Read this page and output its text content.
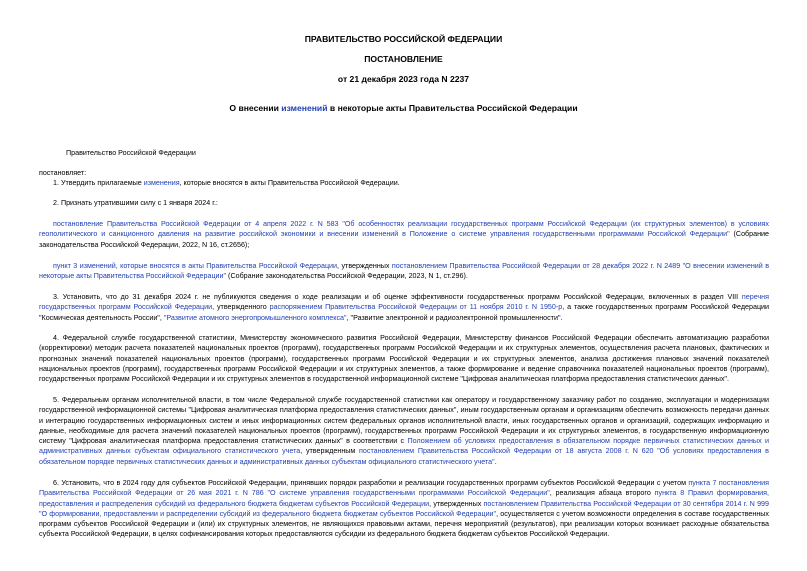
ПРАВИТЕЛЬСТВО РОССИЙСКОЙ ФЕДЕРАЦИИ
ПОСТАНОВЛЕНИЕ
от 21 декабря 2023 года N 2237
О внесении изменений в некоторые акты Правительства Российской Федерации
Правительство Российской Федерации
постановляет:
1. Утвердить прилагаемые изменения, которые вносятся в акты Правительства Российской Федерации.
2. Признать утратившими силу с 1 января 2024 г.:
постановление Правительства Российской Федерации от 4 апреля 2022 г. N 583 "Об особенностях реализации государственных программ Российской Федерации (их структурных элементов) в условиях геополитического и санкционного давления на развитие российской экономики и внесении изменений в Положение о системе управления государственными программами Российской Федерации" (Собрание законодательства Российской Федерации, 2022, N 16, ст.2656);
пункт 3 изменений, которые вносятся в акты Правительства Российской Федерации, утвержденных постановлением Правительства Российской Федерации от 28 декабря 2022 г. N 2489 "О внесении изменений в некоторые акты Правительства Российской Федерации" (Собрание законодательства Российской Федерации, 2023, N 1, ст.296).
3. Установить, что до 31 декабря 2024 г. не публикуются сведения о ходе реализации и об оценке эффективности государственных программ Российской Федерации, включенных в раздел VIII перечня государственных программ Российской Федерации, утвержденного распоряжением Правительства Российской Федерации от 11 ноября 2010 г. N 1950-р, а также государственных программ Российской Федерации "Космическая деятельность России", "Развитие атомного энергопромышленного комплекса", "Развитие электронной и радиоэлектронной промышленности".
4. Федеральной службе государственной статистики, Министерству экономического развития Российской Федерации, Министерству финансов Российской Федерации обеспечить автоматизацию разработки (корректировки) методик расчета показателей национальных проектов (программ), государственных программ Российской Федерации и их структурных элементов, осуществления расчета плановых, фактических и прогнозных значений показателей национальных проектов (программ), государственных программ Российской Федерации и их структурных элементов, анализа достижения плановых значений показателей национальных проектов (программ), государственных программ Российской Федерации и их структурных элементов, а также формирование и ведение справочника показателей национальных проектов (программ), государственных программ Российской Федерации и их структурных элементов в государственной информационной системе "Цифровая аналитическая платформа предоставления статистических данных".
5. Федеральным органам исполнительной власти, в том числе Федеральной службе государственной статистики как оператору и государственному заказчику работ по созданию, эксплуатации и модернизации государственной информационной системы "Цифровая аналитическая платформа предоставления статистических данных", иным государственным органам и организациям обеспечить возможность передачи данных и интеграцию государственных информационных систем и иных информационных систем федеральных органов исполнительной власти, иных государственных органов и организаций, содержащих информацию и данные, необходимые для расчета значений показателей национальных проектов (программ), государственных программ Российской Федерации и их структурных элементов, в государственную информационную систему "Цифровая аналитическая платформа предоставления статистических данных" в соответствии с Положением об условиях предоставления в обязательном порядке первичных статистических данных и административных данных субъектам официального статистического учета, утвержденным постановлением Правительства Российской Федерации от 18 августа 2008 г. N 620 "Об условиях предоставления в обязательном порядке первичных статистических данных и административных данных субъектам официального статистического учета".
6. Установить, что в 2024 году для субъектов Российской Федерации, принявших порядок разработки и реализации государственных программ субъектов Российской Федерации с учетом пункта 7 постановления Правительства Российской Федерации от 26 мая 2021 г. N 786 "О системе управления государственными программами Российской Федерации", реализация абзаца второго пункта 8 Правил формирования, предоставления и распределения субсидий из федерального бюджета бюджетам субъектов Российской Федерации, утвержденных постановлением Правительства Российской Федерации от 30 сентября 2014 г. N 999 "О формировании, предоставлении и распределении субсидий из федерального бюджета бюджетам субъектов Российской Федерации", осуществляется с учетом возможности определения в составе государственных программ субъектов Российской Федерации и (или) их структурных элементов, не являющихся правовыми актами, перечня мероприятий (результатов), при реализации которых возникает расходные обязательства субъекта Российской Федерации, в целях софинансирования которых предоставляются субсидии из федерального бюджета бюджетам субъектов Российской Федерации.
